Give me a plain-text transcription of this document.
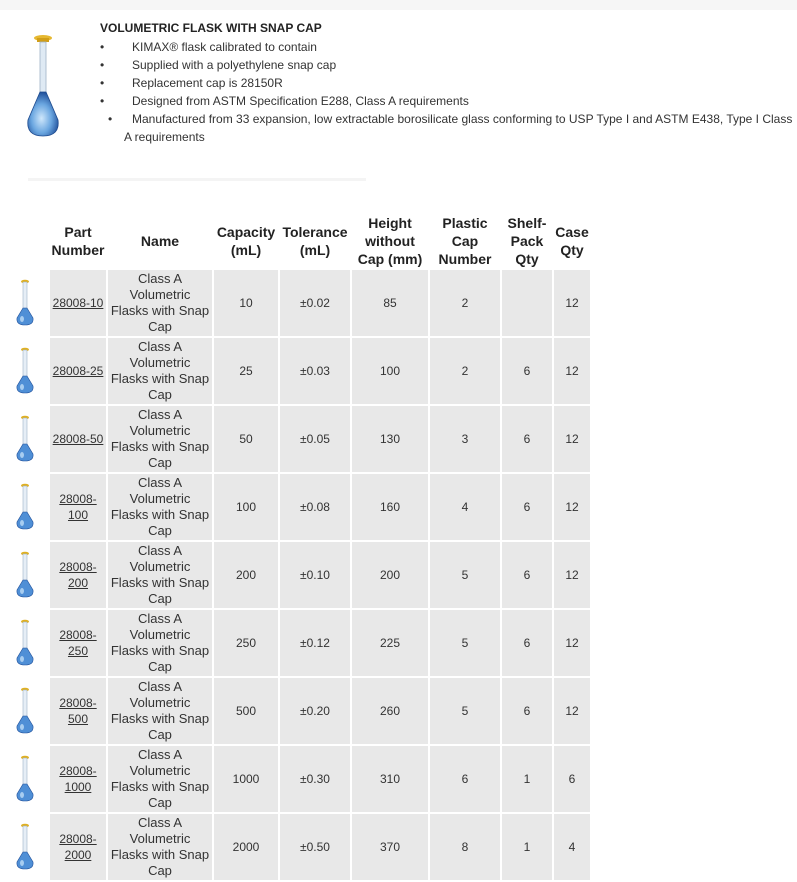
VOLUMETRIC FLASK WITH SNAP CAP
• KIMAX® flask calibrated to contain
• Supplied with a polyethylene snap cap
• Replacement cap is 28150R
• Designed from ASTM Specification E288, Class A requirements
• Manufactured from 33 expansion, low extractable borosilicate glass conforming to USP Type I and ASTM E438, Type I Class A requirements
	Part Number	Name	Capacity (mL)	Tolerance (mL)	Height without Cap (mm)	Plastic Cap Number	Shelf-Pack Qty	Case Qty

	28008-10	Class A Volumetric Flasks with Snap Cap	10	±0.02	85	2		12

	28008-25	Class A Volumetric Flasks with Snap Cap	25	±0.03	100	2	6	12

	28008-50	Class A Volumetric Flasks with Snap Cap	50	±0.05	130	3	6	12

	28008-100	Class A Volumetric Flasks with Snap Cap	100	±0.08	160	4	6	12

	28008-200	Class A Volumetric Flasks with Snap Cap	200	±0.10	200	5	6	12

	28008-250	Class A Volumetric Flasks with Snap Cap	250	±0.12	225	5	6	12

	28008-500	Class A Volumetric Flasks with Snap Cap	500	±0.20	260	5	6	12

	28008-1000	Class A Volumetric Flasks with Snap Cap	1000	±0.30	310	6	1	6

	28008-2000	Class A Volumetric Flasks with Snap Cap	2000	±0.50	370	8	1	4
